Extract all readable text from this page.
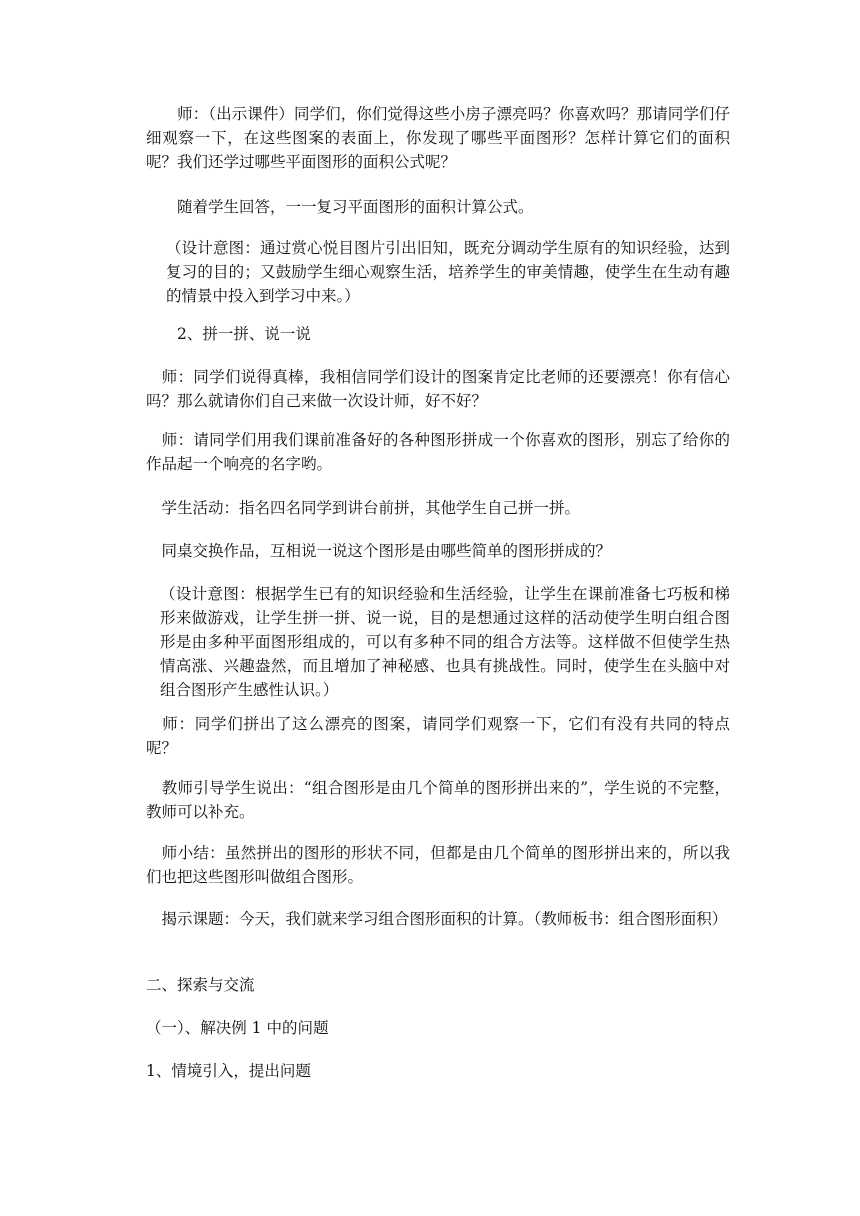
　　师：（出示课件）同学们，你们觉得这些小房子漂亮吗？你喜欢吗？那请同学们仔细观察一下，在这些图案的表面上，你发现了哪些平面图形？怎样计算它们的面积呢？我们还学过哪些平面图形的面积公式呢？

　　随着学生回答，一一复习平面图形的面积计算公式。

（设计意图：通过赏心悦目图片引出旧知，既充分调动学生原有的知识经验，达到复习的目的；又鼓励学生细心观察生活，培养学生的审美情趣，使学生在生动有趣的情景中投入到学习中来。）

　　2、拼一拼、说一说

　师：同学们说得真棒，我相信同学们设计的图案肯定比老师的还要漂亮！你有信心吗？那么就请你们自己来做一次设计师，好不好？

　师：请同学们用我们课前准备好的各种图形拼成一个你喜欢的图形，别忘了给你的作品起一个响亮的名字哟。

　学生活动：指名四名同学到讲台前拼，其他学生自己拼一拼。

　同桌交换作品，互相说一说这个图形是由哪些简单的图形拼成的？

（设计意图：根据学生已有的知识经验和生活经验，让学生在课前准备七巧板和梯形来做游戏，让学生拼一拼、说一说，目的是想通过这样的活动使学生明白组合图形是由多种平面图形组成的，可以有多种不同的组合方法等。这样做不但使学生热情高涨、兴趣盎然，而且增加了神秘感、也具有挑战性。同时，使学生在头脑中对组合图形产生感性认识。）

　师：同学们拼出了这么漂亮的图案，请同学们观察一下，它们有没有共同的特点呢？

　教师引导学生说出：“组合图形是由几个简单的图形拼出来的”，学生说的不完整，教师可以补充。

　师小结：虽然拼出的图形的形状不同，但都是由几个简单的图形拼出来的，所以我们也把这些图形叫做组合图形。

　揭示课题：今天，我们就来学习组合图形面积的计算。（教师板书：组合图形面积）

二、探索与交流

（一）、解决例 1 中的问题

1、情境引入，提出问题
